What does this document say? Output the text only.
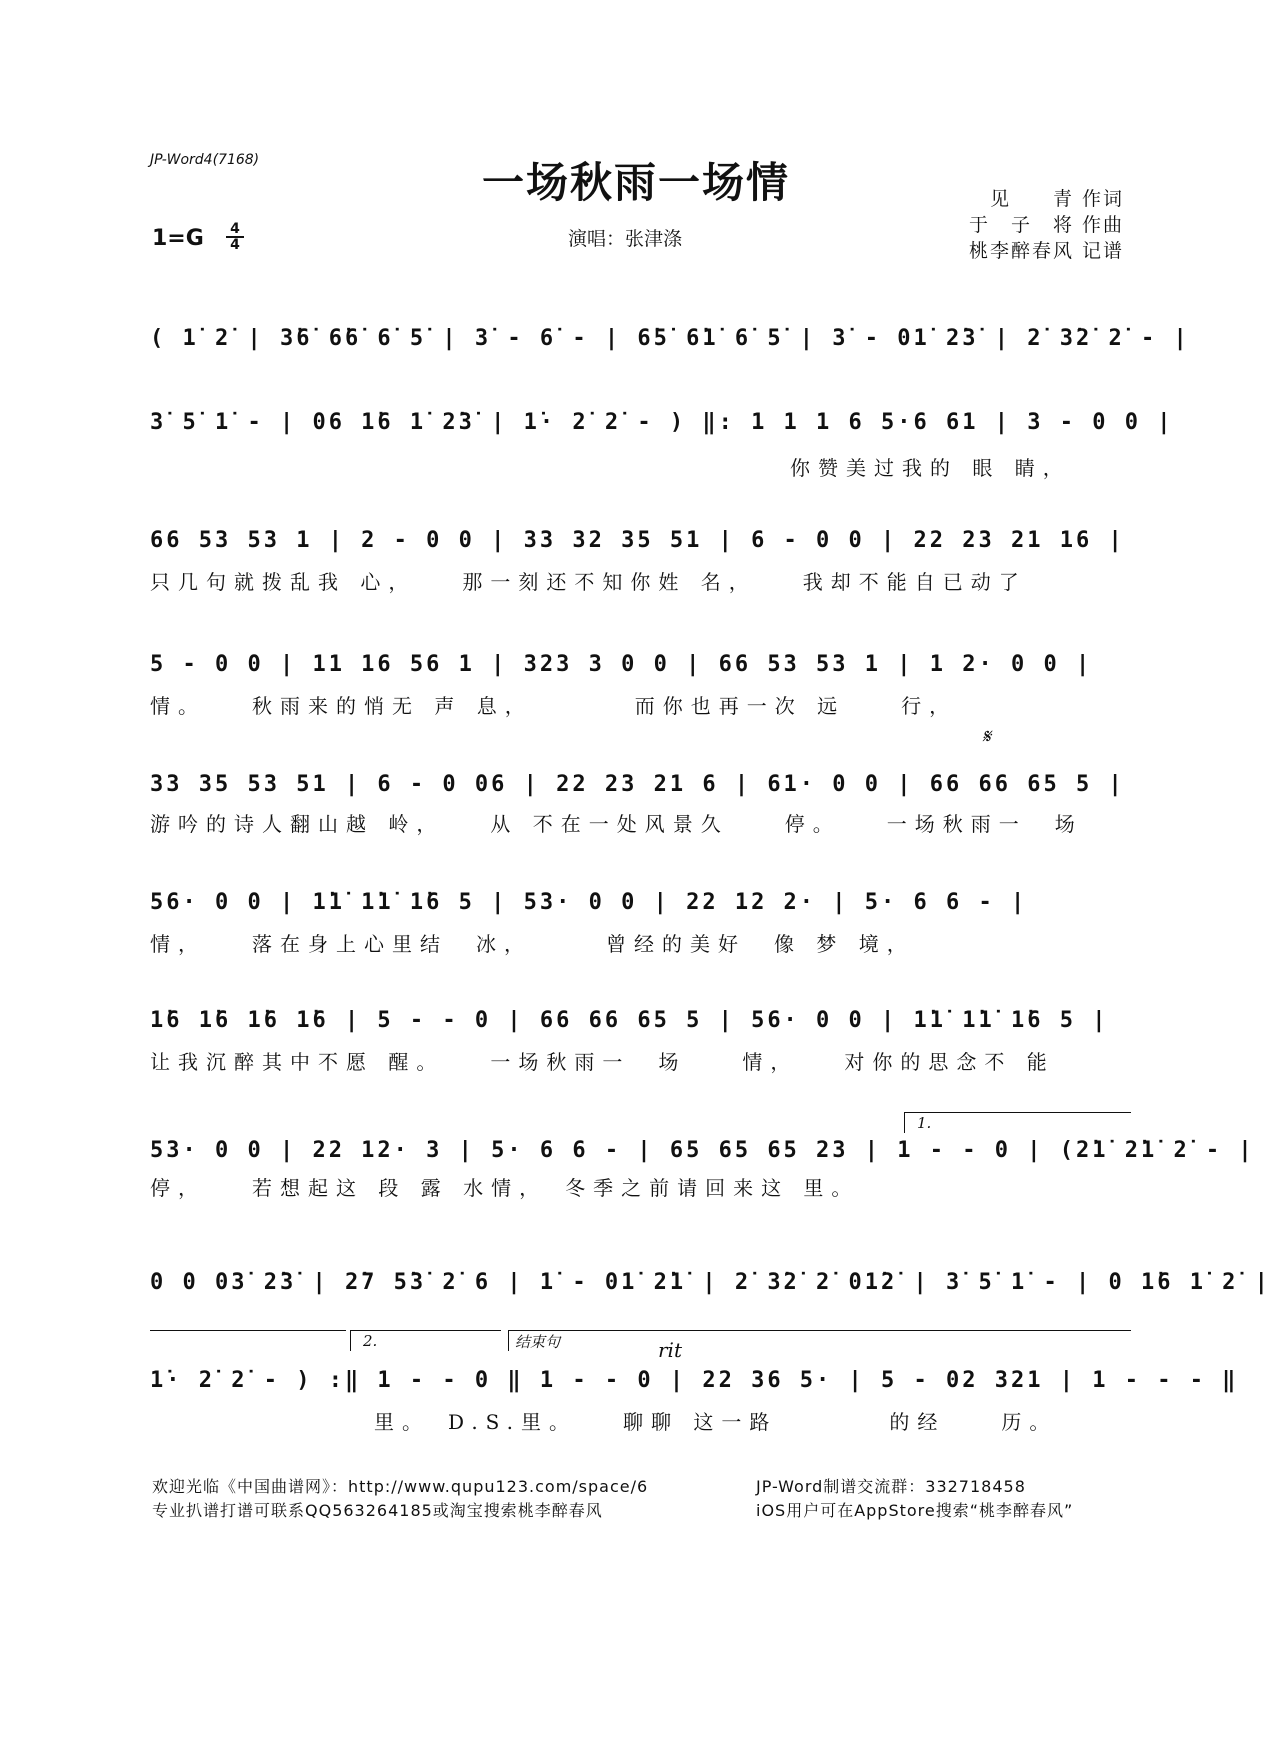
JP-Word4(7168)	一场秋雨一场情
1=G 4
4	演唱：张津涤
见　　青 作词
于　子　将 作曲
桃李醉春风 记谱
( 1̇ 2̇ | 3̇6̇ 6̇6̇ 6̇ 5̇ | 3̇ - 6̇ - | 6̇5̇ 6̇1̇ 6̇ 5̇ | 3̇ - 01̇ 2̇3̇ | 2̇ 3̇2̇ 2̇ - |
3̇ 5̇ 1̇ - | 06 1̇6 1̇ 2̇3̇ | 1̇· 2̇ 2̇ - ) ‖: 1 1 1 6 5·6 61 | 3 - 0 0 |
你赞美过我的 眼 睛，
66 53 53 1 | 2 - 0 0 | 33 32 35 51 | 6 - 0 0 | 22 23 21 16 |
只几句就拨乱我 心，　　那一刻还不知你姓 名，　　我却不能自已动了
5 - 0 0 | 11 16 56 1 | 323 3 0 0 | 66 53 53 1 | 1 2· 0 0 |
情。　　秋雨来的悄无 声 息，　　　　而你也再一次 远　　行，
𝄋
33 35 53 51 | 6 - 0 06 | 22 23 21 6 | 61· 0 0 | 66 66 65 5 |
游吟的诗人翻山越 岭，　　从 不在一处风景久　　停。　　一场秋雨一　场
56· 0 0 | 1̇1̇ 1̇1̇ 1̇6 5 | 53· 0 0 | 22 12 2· | 5· 6 6 - |
情，　　落在身上心里结　冰，　　　曾经的美好　像 梦 境，
1̇6 1̇6 1̇6 1̇6 | 5 - - 0 | 66 66 65 5 | 56· 0 0 | 1̇1̇ 1̇1̇ 1̇6 5 |
让我沉醉其中不愿 醒。　　一场秋雨一　场　　情，　　对你的思念不 能
1.
53· 0 0 | 22 12· 3 | 5· 6 6 - | 65 65 65 23 | 1 - - 0 | (2̇1̇ 2̇1̇ 2̇ - |
停，　　若想起这 段 露 水情，　冬季之前请回来这 里。
0 0 03̇ 2̇3̇ | 2̇7 5̇3̇ 2̇ 6 | 1̇ - 01̇ 2̇1̇ | 2̇ 3̇2̇ 2̇ 01̇2̇ | 3̇ 5̇ 1̇ - | 0 1̇6 1̇ 2̇ |
2.	结束句	rit
1̇· 2̇ 2̇ - ) :‖ 1 - - 0 ‖ 1 - - 0 | 22 36 5· | 5 - 02 321 | 1 - - - ‖
　　　　　　　　里。　D.S.里。　　聊聊 这一路　　　　的经　　历。
欢迎光临《中国曲谱网》：http://www.qupu123.com/space/6
专业扒谱打谱可联系QQ563264185或淘宝搜索桃李醉春风
JP-Word制谱交流群：332718458
iOS用户可在AppStore搜索“桃李醉春风”
